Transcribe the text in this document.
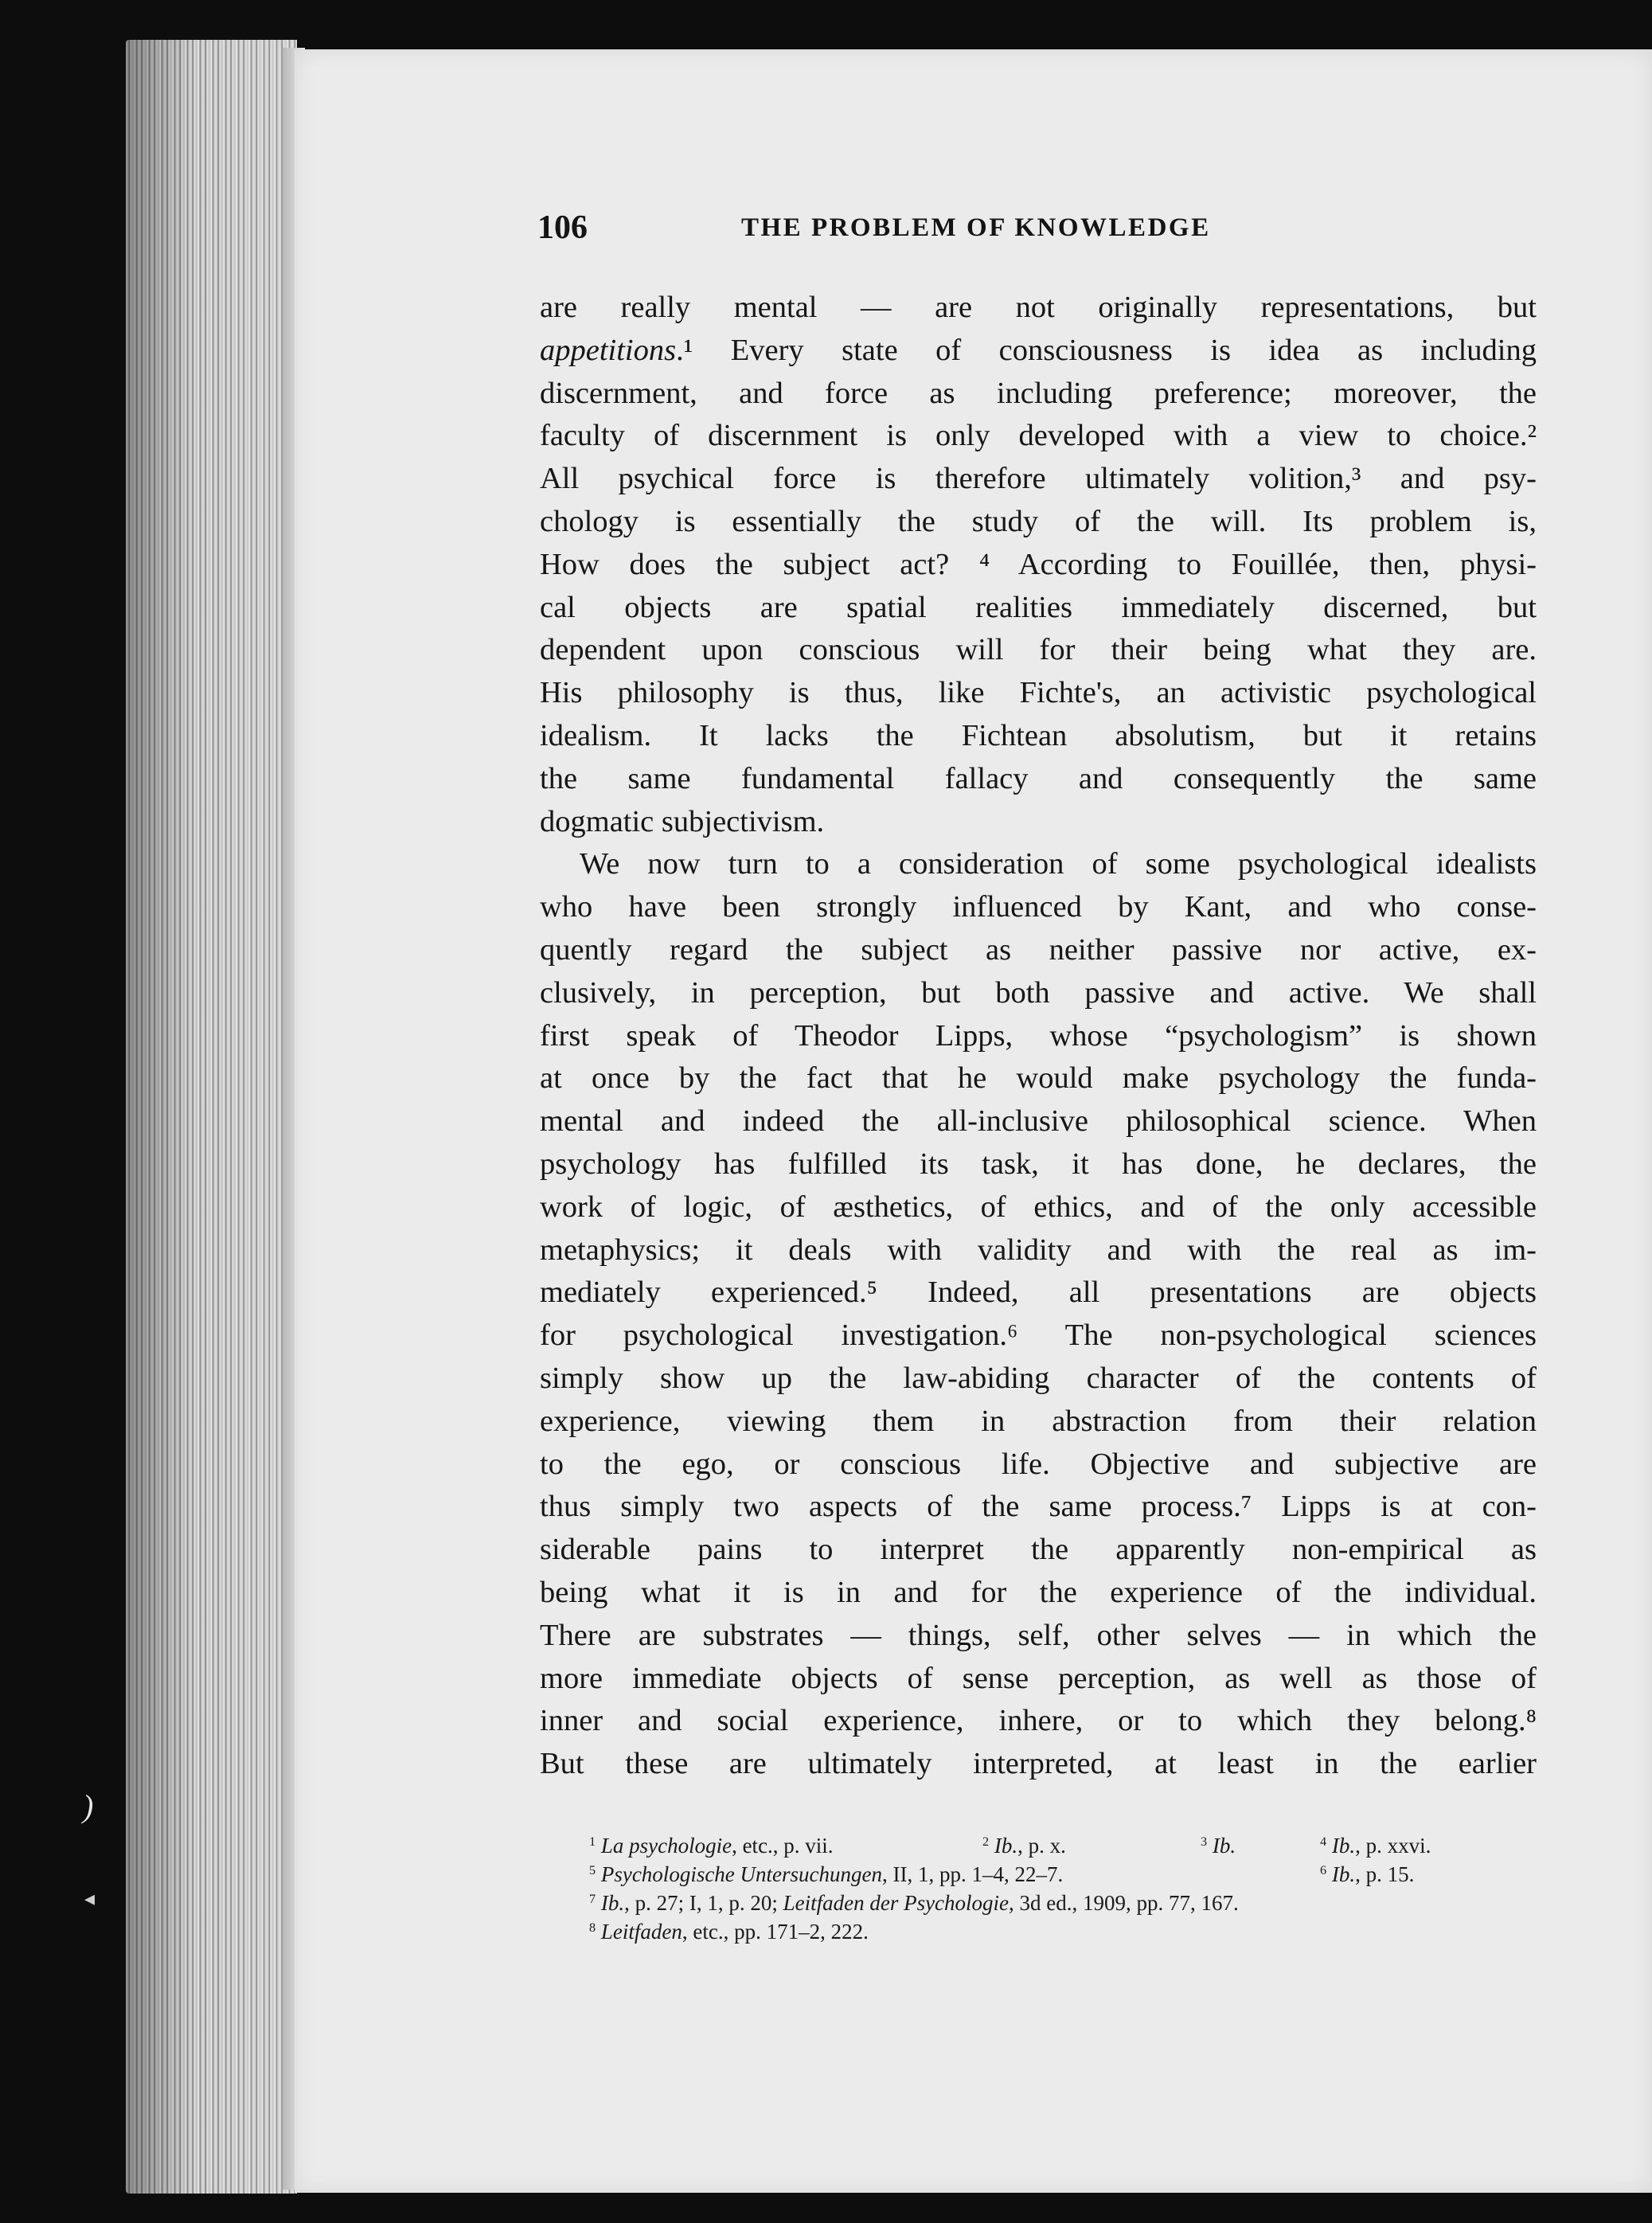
)
◂
106	THE PROBLEM OF KNOWLEDGE
are really mental — are not originally representations, but
appetitions.¹ Every state of consciousness is idea as including
discernment, and force as including preference; moreover, the
faculty of discernment is only developed with a view to choice.²
All psychical force is therefore ultimately volition,³ and psy-
chology is essentially the study of the will. Its problem is,
How does the subject act? ⁴ According to Fouillée, then, physi-
cal objects are spatial realities immediately discerned, but
dependent upon conscious will for their being what they are.
His philosophy is thus, like Fichte's, an activistic psychological
idealism. It lacks the Fichtean absolutism, but it retains
the same fundamental fallacy and consequently the same
dogmatic subjectivism.
We now turn to a consideration of some psychological idealists
who have been strongly influenced by Kant, and who conse-
quently regard the subject as neither passive nor active, ex-
clusively, in perception, but both passive and active. We shall
first speak of Theodor Lipps, whose “psychologism” is shown
at once by the fact that he would make psychology the funda-
mental and indeed the all-inclusive philosophical science. When
psychology has fulfilled its task, it has done, he declares, the
work of logic, of æsthetics, of ethics, and of the only accessible
metaphysics; it deals with validity and with the real as im-
mediately experienced.⁵ Indeed, all presentations are objects
for psychological investigation.⁶ The non-psychological sciences
simply show up the law-abiding character of the contents of
experience, viewing them in abstraction from their relation
to the ego, or conscious life. Objective and subjective are
thus simply two aspects of the same process.⁷ Lipps is at con-
siderable pains to interpret the apparently non-empirical as
being what it is in and for the experience of the individual.
There are substrates — things, self, other selves — in which the
more immediate objects of sense perception, as well as those of
inner and social experience, inhere, or to which they belong.⁸
But these are ultimately interpreted, at least in the earlier
$^1$ La psychologie, etc., p. vii.	$^2$ Ib., p. x.	$^3$ Ib.	$^4$ Ib., p. xxvi.
$^5$ Psychologische Untersuchungen, II, 1, pp. 1–4, 22–7.	$^6$ Ib., p. 15.
$^7$ Ib., p. 27; I, 1, p. 20; Leitfaden der Psychologie, 3d ed., 1909, pp. 77, 167.
$^8$ Leitfaden, etc., pp. 171–2, 222.
